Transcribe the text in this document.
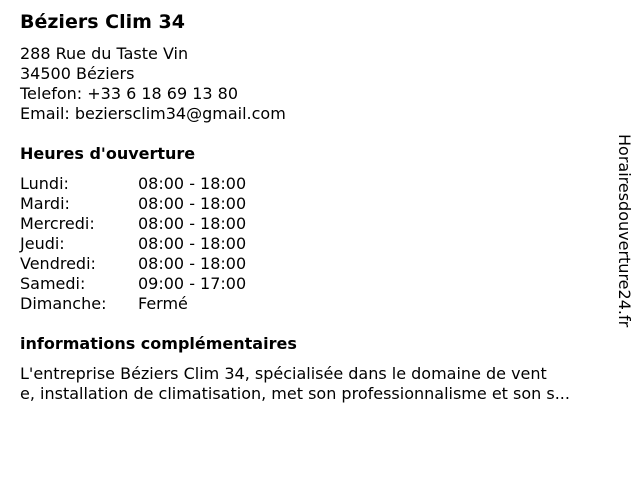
Béziers Clim 34
288 Rue du Taste Vin
34500 Béziers
Telefon: +33 6 18 69 13 80
Email: beziersclim34@gmail.com
Heures d'ouverture
Lundi:	08:00 - 18:00
Mardi:	08:00 - 18:00
Mercredi:	08:00 - 18:00
Jeudi:	08:00 - 18:00
Vendredi:	08:00 - 18:00
Samedi:	09:00 - 17:00
Dimanche: Fermé
informations complémentaires
L'entreprise Béziers Clim 34, spécialisée dans le domaine de vent
e, installation de climatisation, met son professionnalisme et son s...
Horairesdouverture24.fr
